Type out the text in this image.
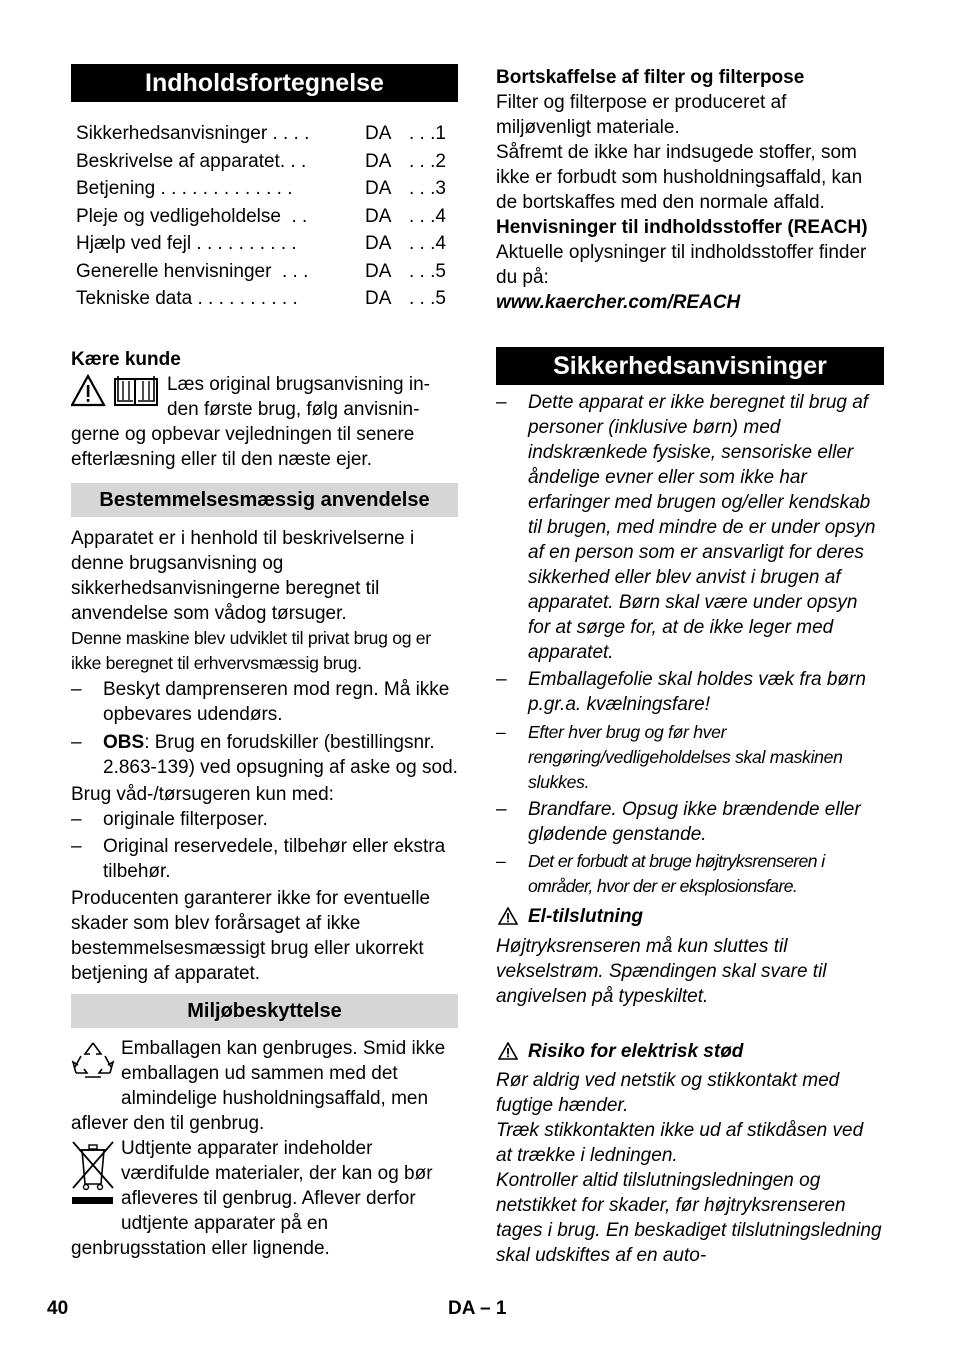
Indholdsfortegnelse
Sikkerhedsanvisninger . . . .	DA . . .1
Beskrivelse af apparatet. . .	DA . . .2
Betjening . . . . . . . . . . . . .	DA . . .3
Pleje og vedligeholdelse  . .	DA . . .4
Hjælp ved fejl . . . . . . . . . .	DA . . .4
Generelle henvisninger  . . .	DA . . .5
Tekniske data . . . . . . . . . .	DA . . .5
Kære kunde
Læs original brugsanvisning in-
den første brug, følg anvisnin-
gerne og opbevar vejledningen til senere efterlæsning eller til den næste ejer.
Bestemmelsesmæssig anvendelse
Apparatet er i henhold til beskrivelserne i denne brugsanvisning og sikkerhedsanvisningerne beregnet til anvendelse som vådog tørsuger.
Denne maskine blev udviklet til privat brug og er ikke beregnet til erhvervsmæssig brug.
– Beskyt damprenseren mod regn. Må ikke opbevares udendørs.
– OBS: Brug en forudskiller (bestillingsnr. 2.863-139) ved opsugning af aske og sod.
Brug våd-/tørsugeren kun med:
– originale filterposer.
– Original reservedele, tilbehør eller ekstra tilbehør.
Producenten garanterer ikke for eventuelle skader som blev forårsaget af ikke bestemmelsesmæssigt brug eller ukorrekt betjening af apparatet.
Miljøbeskyttelse
Emballagen kan genbruges. Smid ikke emballagen ud sammen med det almindelige husholdningsaffald, men aflever den til genbrug.
Udtjente apparater indeholder værdifulde materialer, der kan og bør afleveres til genbrug. Aflever derfor udtjente apparater på en genbrugsstation eller lignende.
Bortskaffelse af filter og filterpose
Filter og filterpose er produceret af miljøvenligt materiale.
Såfremt de ikke har indsugede stoffer, som ikke er forbudt som husholdningsaffald, kan de bortskaffes med den normale affald.
Henvisninger til indholdsstoffer (REACH)
Aktuelle oplysninger til indholdsstoffer finder du på:
www.kaercher.com/REACH
Sikkerhedsanvisninger
– Dette apparat er ikke beregnet til brug af personer (inklusive børn) med indskrænkede fysiske, sensoriske eller åndelige evner eller som ikke har erfaringer med brugen og/eller kendskab til brugen, med mindre de er under opsyn af en person som er ansvarligt for deres sikkerhed eller blev anvist i brugen af apparatet. Børn skal være under opsyn for at sørge for, at de ikke leger med apparatet.
– Emballagefolie skal holdes væk fra børn p.gr.a. kvælningsfare!
– Efter hver brug og før hver rengøring/vedligeholdelses skal maskinen slukkes.
– Brandfare. Opsug ikke brændende eller glødende genstande.
– Det er forbudt at bruge højtryksrenseren i områder, hvor der er eksplosionsfare.
El-tilslutning
Højtryksrenseren må kun sluttes til vekselstrøm. Spændingen skal svare til angivelsen på typeskiltet.
Risiko for elektrisk stød
Rør aldrig ved netstik og stikkontakt med fugtige hænder.
Træk stikkontakten ikke ud af stikdåsen ved at trække i ledningen.
Kontroller altid tilslutningsledningen og netstikket for skader, før højtryksrenseren tages i brug. En beskadiget tilslutningsledning skal udskiftes af en auto-
40	DA – 1
